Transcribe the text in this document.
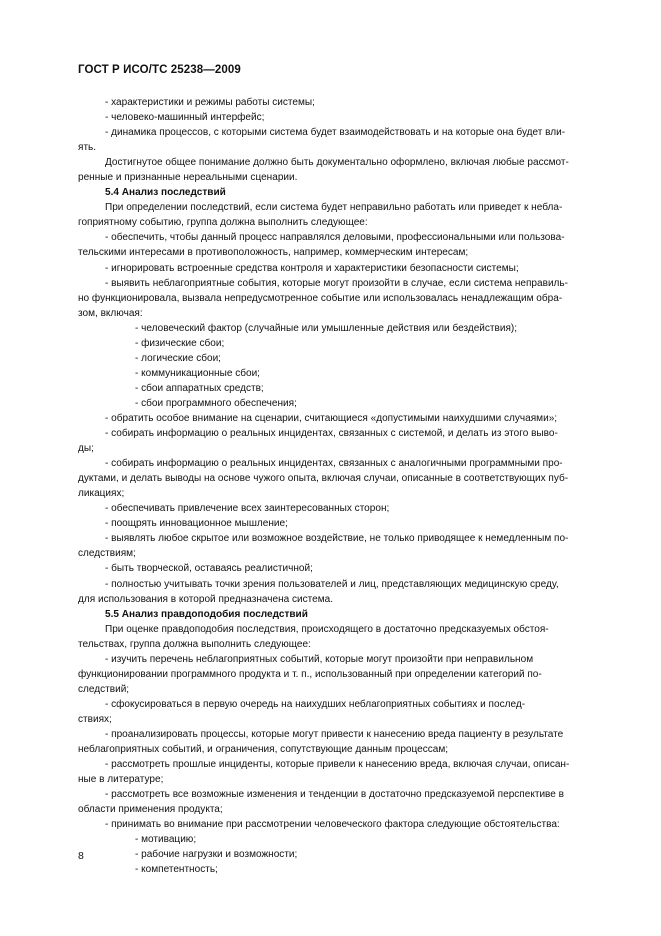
ГОСТ Р ИСО/ТС 25238—2009

- характеристики и режимы работы системы;

- человеко-машинный интерфейс;

- динамика процессов, с которыми система будет взаимодействовать и на которые она будет вли-

ять.

Достигнутое общее понимание должно быть документально оформлено, включая любые рассмот-

ренные и признанные нереальными сценарии.

5.4 Анализ последствий

При определении последствий, если система будет неправильно работать или приведет к небла-

гоприятному событию, группа должна выполнить следующее:

- обеспечить, чтобы данный процесс направлялся деловыми, профессиональными или пользова-

тельскими интересами в противоположность, например, коммерческим интересам;

- игнорировать встроенные средства контроля и характеристики безопасности системы;

- выявить неблагоприятные события, которые могут произойти в случае, если система неправиль-

но функционировала, вызвала непредусмотренное событие или использовалась ненадлежащим обра-

зом, включая:

- человеческий фактор (случайные или умышленные действия или бездействия);

- физические сбои;

- логические сбои;

- коммуникационные сбои;

- сбои аппаратных средств;

- сбои программного обеспечения;

- обратить особое внимание на сценарии, считающиеся «допустимыми наихудшими случаями»;

- собирать информацию о реальных инцидентах, связанных с системой, и делать из этого выво-

ды;

- собирать информацию о реальных инцидентах, связанных с аналогичными программными про-

дуктами, и делать выводы на основе чужого опыта, включая случаи, описанные в соответствующих пуб-

ликациях;

- обеспечивать привлечение всех заинтересованных сторон;

- поощрять инновационное мышление;

- выявлять любое скрытое или возможное воздействие, не только приводящее к немедленным по-

следствиям;

- быть творческой, оставаясь реалистичной;

- полностью учитывать точки зрения пользователей и лиц, представляющих медицинскую среду,

для использования в которой предназначена система.

5.5 Анализ правдоподобия последствий

При оценке правдоподобия последствия, происходящего в достаточно предсказуемых обстоя-

тельствах, группа должна выполнить следующее:

- изучить перечень неблагоприятных событий, которые могут произойти при неправильном

функционировании программного продукта и т. п., использованный при определении категорий по-

следствий;

- сфокусироваться в первую очередь на наихудших неблагоприятных событиях и послед-

ствиях;

- проанализировать процессы, которые могут привести к нанесению вреда пациенту в результате

неблагоприятных событий, и ограничения, сопутствующие данным процессам;

- рассмотреть прошлые инциденты, которые привели к нанесению вреда, включая случаи, описан-

ные в литературе;

- рассмотреть все возможные изменения и тенденции в достаточно предсказуемой перспективе в

области применения продукта;

- принимать во внимание при рассмотрении человеческого фактора следующие обстоятельства:

- мотивацию;

- рабочие нагрузки и возможности;

- компетентность;

8
